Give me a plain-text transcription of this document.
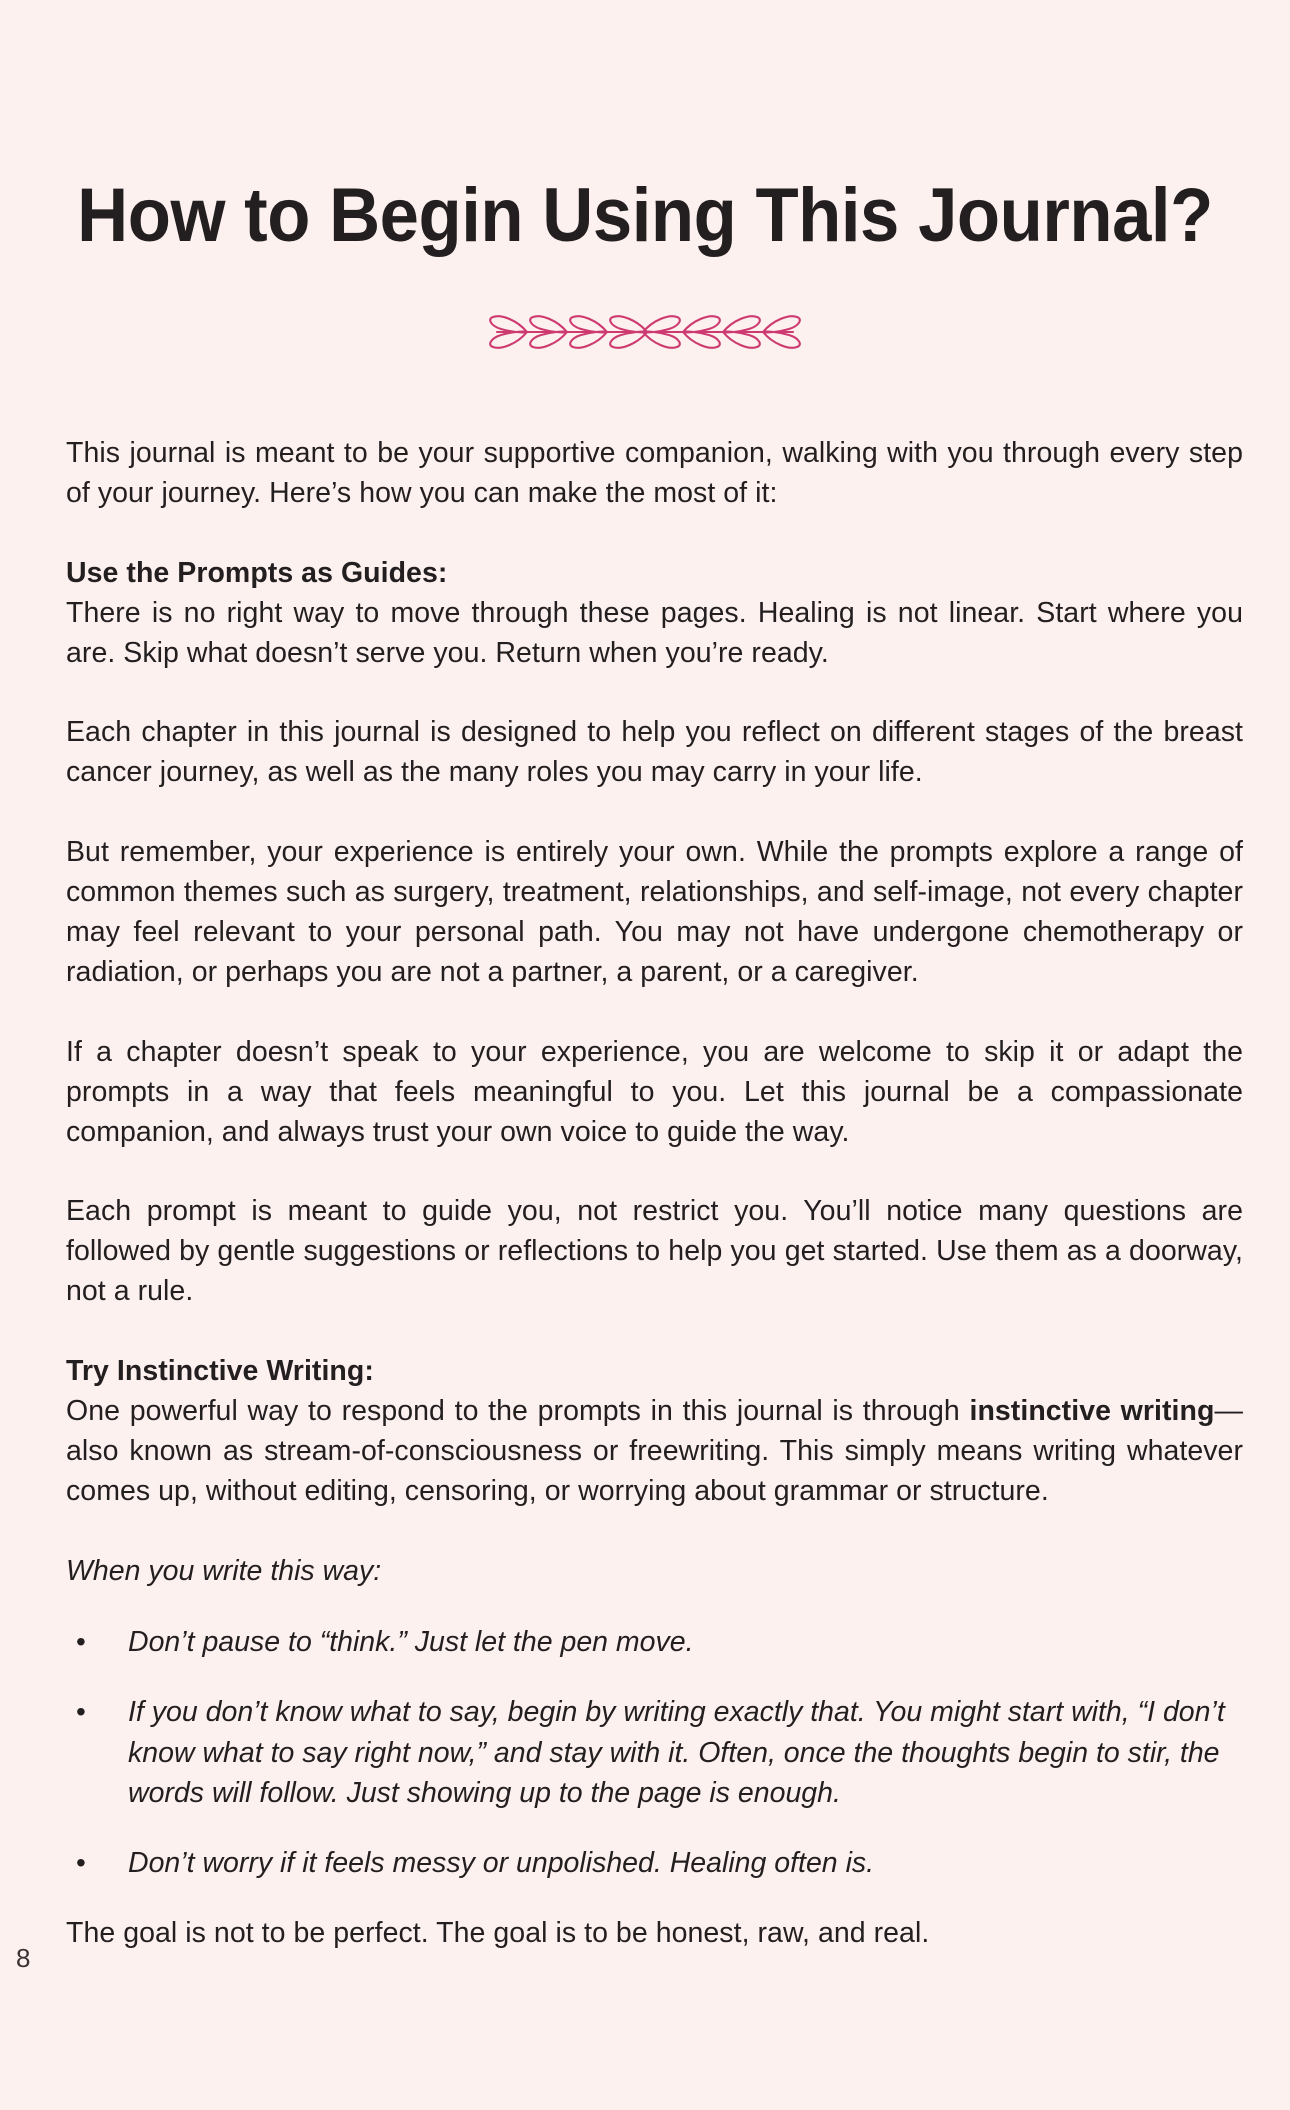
How to Begin Using This Journal?

This journal is meant to be your supportive companion, walking with you through every step of your journey. Here’s how you can make the most of it:

Use the Prompts as Guides:

There is no right way to move through these pages. Healing is not linear. Start where you are. Skip what doesn’t serve you. Return when you’re ready.

Each chapter in this journal is designed to help you reflect on different stages of the breast cancer journey, as well as the many roles you may carry in your life.

But remember, your experience is entirely your own. While the prompts explore a range of common themes such as surgery, treatment, relationships, and self-image, not every chapter may feel relevant to your personal path. You may not have undergone chemotherapy or radiation, or perhaps you are not a partner, a parent, or a caregiver.

If a chapter doesn’t speak to your experience, you are welcome to skip it or adapt the prompts in a way that feels meaningful to you. Let this journal be a compassionate companion, and always trust your own voice to guide the way.

Each prompt is meant to guide you, not restrict you. You’ll notice many questions are followed by gentle suggestions or reflections to help you get started. Use them as a doorway, not a rule.

Try Instinctive Writing:

One powerful way to respond to the prompts in this journal is through instinctive writing—also known as stream-of-consciousness or freewriting. This simply means writing whatever comes up, without editing, censoring, or worrying about grammar or structure.

When you write this way:

• Don’t pause to “think.” Just let the pen move.
• If you don’t know what to say, begin by writing exactly that. You might start with, “I don’t know what to say right now,” and stay with it. Often, once the thoughts begin to stir, the words will follow. Just showing up to the page is enough.
• Don’t worry if it feels messy or unpolished. Healing often is.

The goal is not to be perfect. The goal is to be honest, raw, and real.

8
